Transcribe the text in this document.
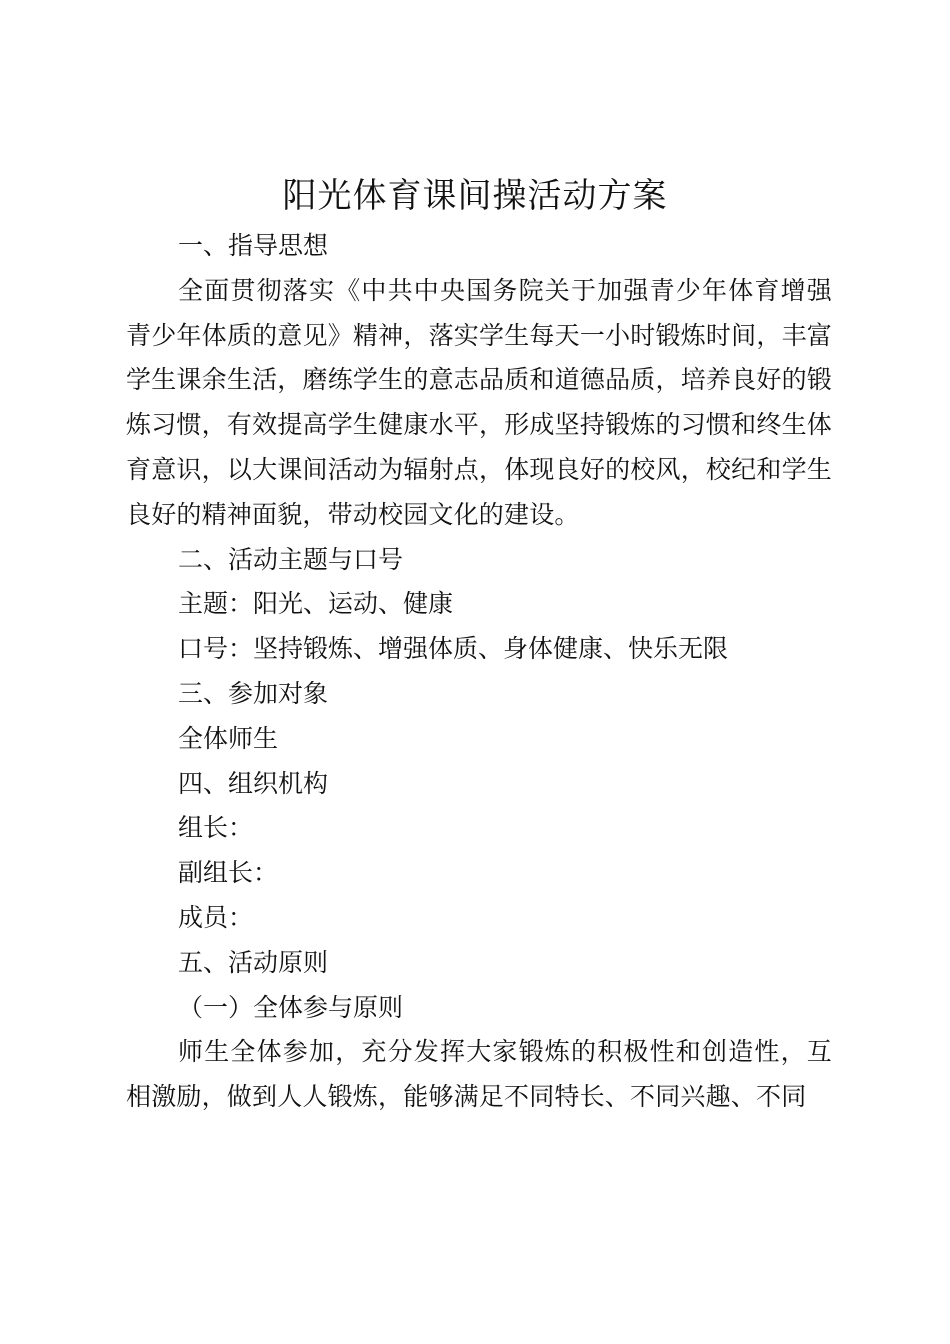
阳光体育课间操活动方案
一、指导思想
全面贯彻落实《中共中央国务院关于加强青少年体育增强青少年体质的意见》精神，落实学生每天一小时锻炼时间，丰富学生课余生活，磨练学生的意志品质和道德品质，培养良好的锻炼习惯，有效提高学生健康水平，形成坚持锻炼的习惯和终生体育意识，以大课间活动为辐射点，体现良好的校风，校纪和学生良好的精神面貌，带动校园文化的建设。
二、活动主题与口号
主题：阳光、运动、健康
口号：坚持锻炼、增强体质、身体健康、快乐无限
三、参加对象
全体师生
四、组织机构
组长：
副组长：
成员：
五、活动原则
（一）全体参与原则
师生全体参加，充分发挥大家锻炼的积极性和创造性，互相激励，做到人人锻炼，能够满足不同特长、不同兴趣、不同
